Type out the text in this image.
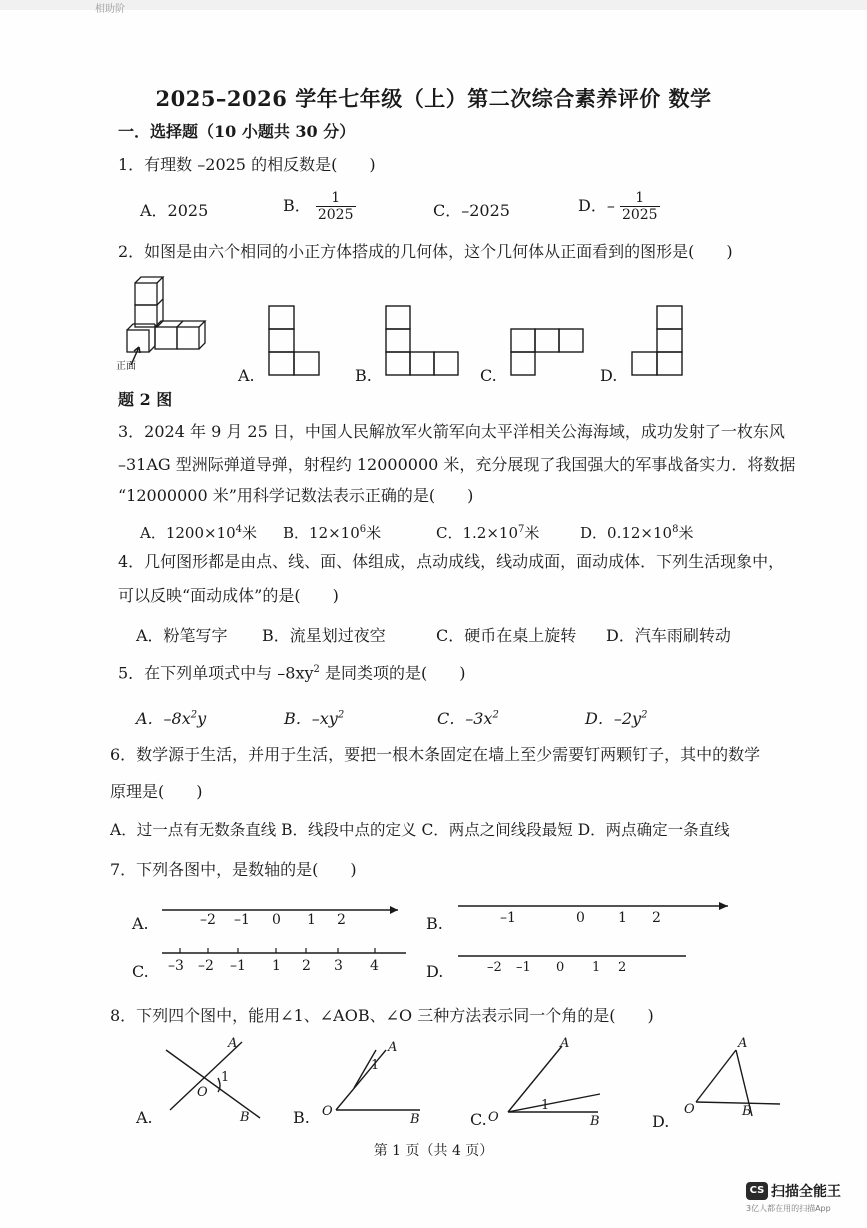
相助阶
2025–2026 学年七年级（上）第二次综合素养评价 数学
一．选择题（10 小题共 30 分）
1．有理数 –2025 的相反数是(　　)
A．2025	B． $\frac{1}{2025}$	C．–2025	D．– $\frac{1}{2025}$
2．如图是由六个相同的小正方体搭成的几何体，这个几何体从正面看到的图形是(　　)
正面	A.	B.	C.	D.
题 2 图
3．2024 年 9 月 25 日，中国人民解放军火箭军向太平洋相关公海海域，成功发射了一枚东风
–31AG 型洲际弹道导弹，射程约 12000000 米，充分展现了我国强大的军事战备实力．将数据
“12000000 米”用科学记数法表示正确的是(　　)
A．$1200\times 10^4$米 B．$12\times 10^6$米	C．$1.2\times 10^7$米	D．$0.12\times 10^8$米
4．几何图形都是由点、线、面、体组成，点动成线，线动成面，面动成体．下列生活现象中，
可以反映“面动成体”的是(　　)
A．粉笔写字 B．流星划过夜空	C．硬币在桌上旋转 D．汽车雨刷转动
5．在下列单项式中与 $-8xy^2$ 是同类项的是(　　)
A．$-8x^2y$	B．$-xy^2$	C．$-3x^2$	D．$-2y^2$
6．数学源于生活，并用于生活，要把一根木条固定在墙上至少需要钉两颗钉子，其中的数学
原理是(　　)
A．过一点有无数条直线 B．线段中点的定义 C．两点之间线段最短 D．两点确定一条直线
7．下列各图中，是数轴的是(　　)
A.	–2 –1 0 1 2	B.	–1	0 1 2
C. –3 –2 –1 1 2 3 4	D.	–2 –1 0 1 2
8．下列四个图中，能用∠1、∠AOB、∠O 三种方法表示同一个角的是(　　)
A.
A
O
1
B	B.
A
1
O
B	C.
A
O
1
B	D.
A
O	B
第 1 页（共 4 页）
CS 扫描全能王
3亿人都在用的扫描App
